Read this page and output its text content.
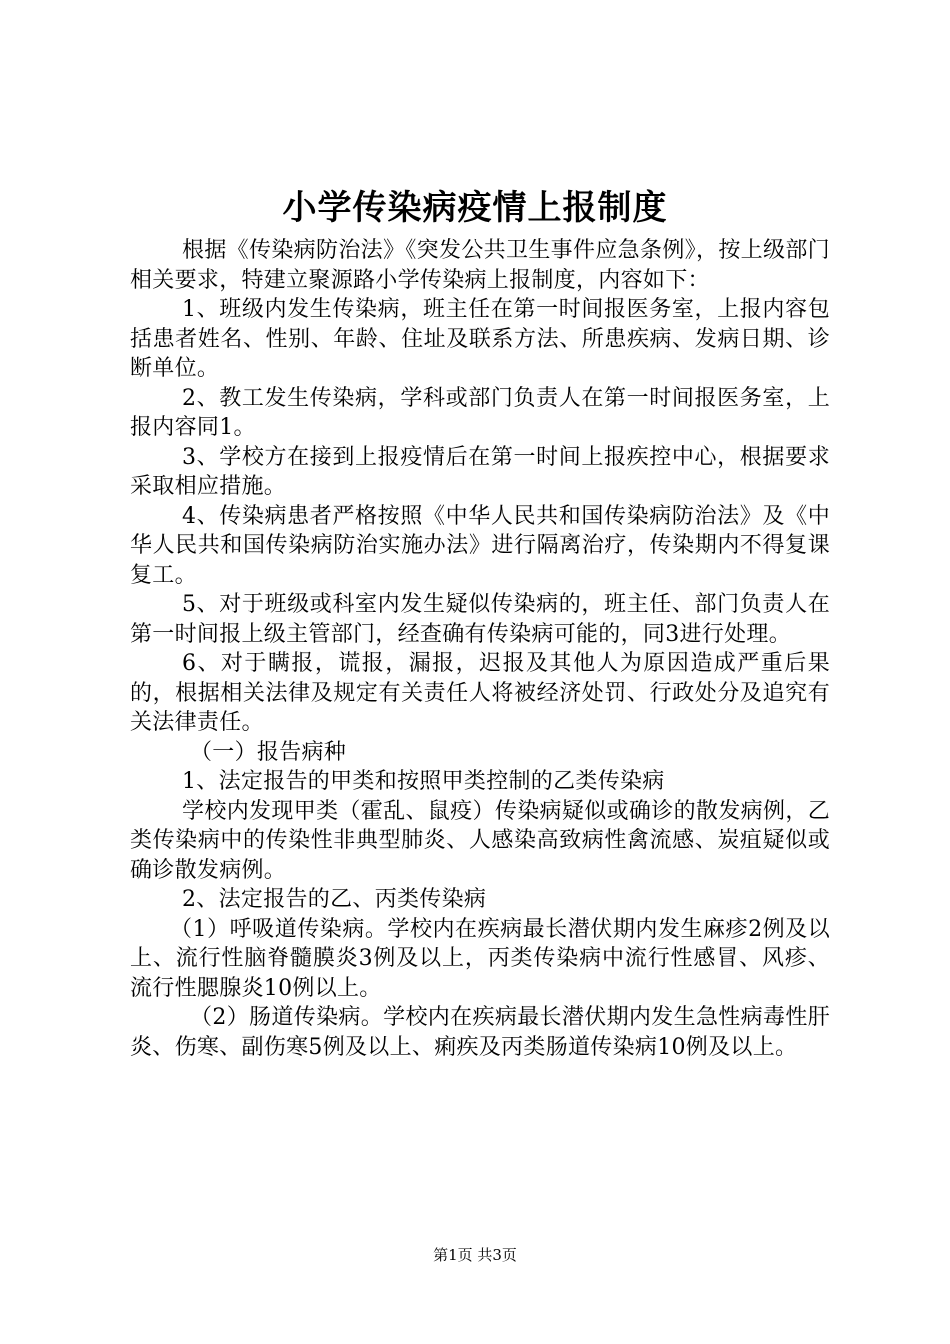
小学传染病疫情上报制度

根据《传染病防治法》《突发公共卫生事件应急条例》，按上级部门相关要求，特建立聚源路小学传染病上报制度，内容如下：

1、班级内发生传染病，班主任在第一时间报医务室，上报内容包括患者姓名、性别、年龄、住址及联系方法、所患疾病、发病日期、诊断单位。

2、教工发生传染病，学科或部门负责人在第一时间报医务室，上报内容同1。

3、学校方在接到上报疫情后在第一时间上报疾控中心，根据要求采取相应措施。

4、传染病患者严格按照《中华人民共和国传染病防治法》及《中华人民共和国传染病防治实施办法》进行隔离治疗，传染期内不得复课复工。

5、对于班级或科室内发生疑似传染病的，班主任、部门负责人在第一时间报上级主管部门，经查确有传染病可能的，同3进行处理。

6、对于瞒报，谎报，漏报，迟报及其他人为原因造成严重后果的，根据相关法律及规定有关责任人将被经济处罚、行政处分及追究有关法律责任。

（一）报告病种

1、法定报告的甲类和按照甲类控制的乙类传染病

学校内发现甲类（霍乱、鼠疫）传染病疑似或确诊的散发病例，乙类传染病中的传染性非典型肺炎、人感染高致病性禽流感、炭疽疑似或确诊散发病例。

2、法定报告的乙、丙类传染病

（1）呼吸道传染病。学校内在疾病最长潜伏期内发生麻疹2例及以上、流行性脑脊髓膜炎3例及以上，丙类传染病中流行性感冒、风疹、流行性腮腺炎10例以上。

（2）肠道传染病。学校内在疾病最长潜伏期内发生急性病毒性肝炎、伤寒、副伤寒5例及以上、痢疾及丙类肠道传染病10例及以上。

第1页 共3页
